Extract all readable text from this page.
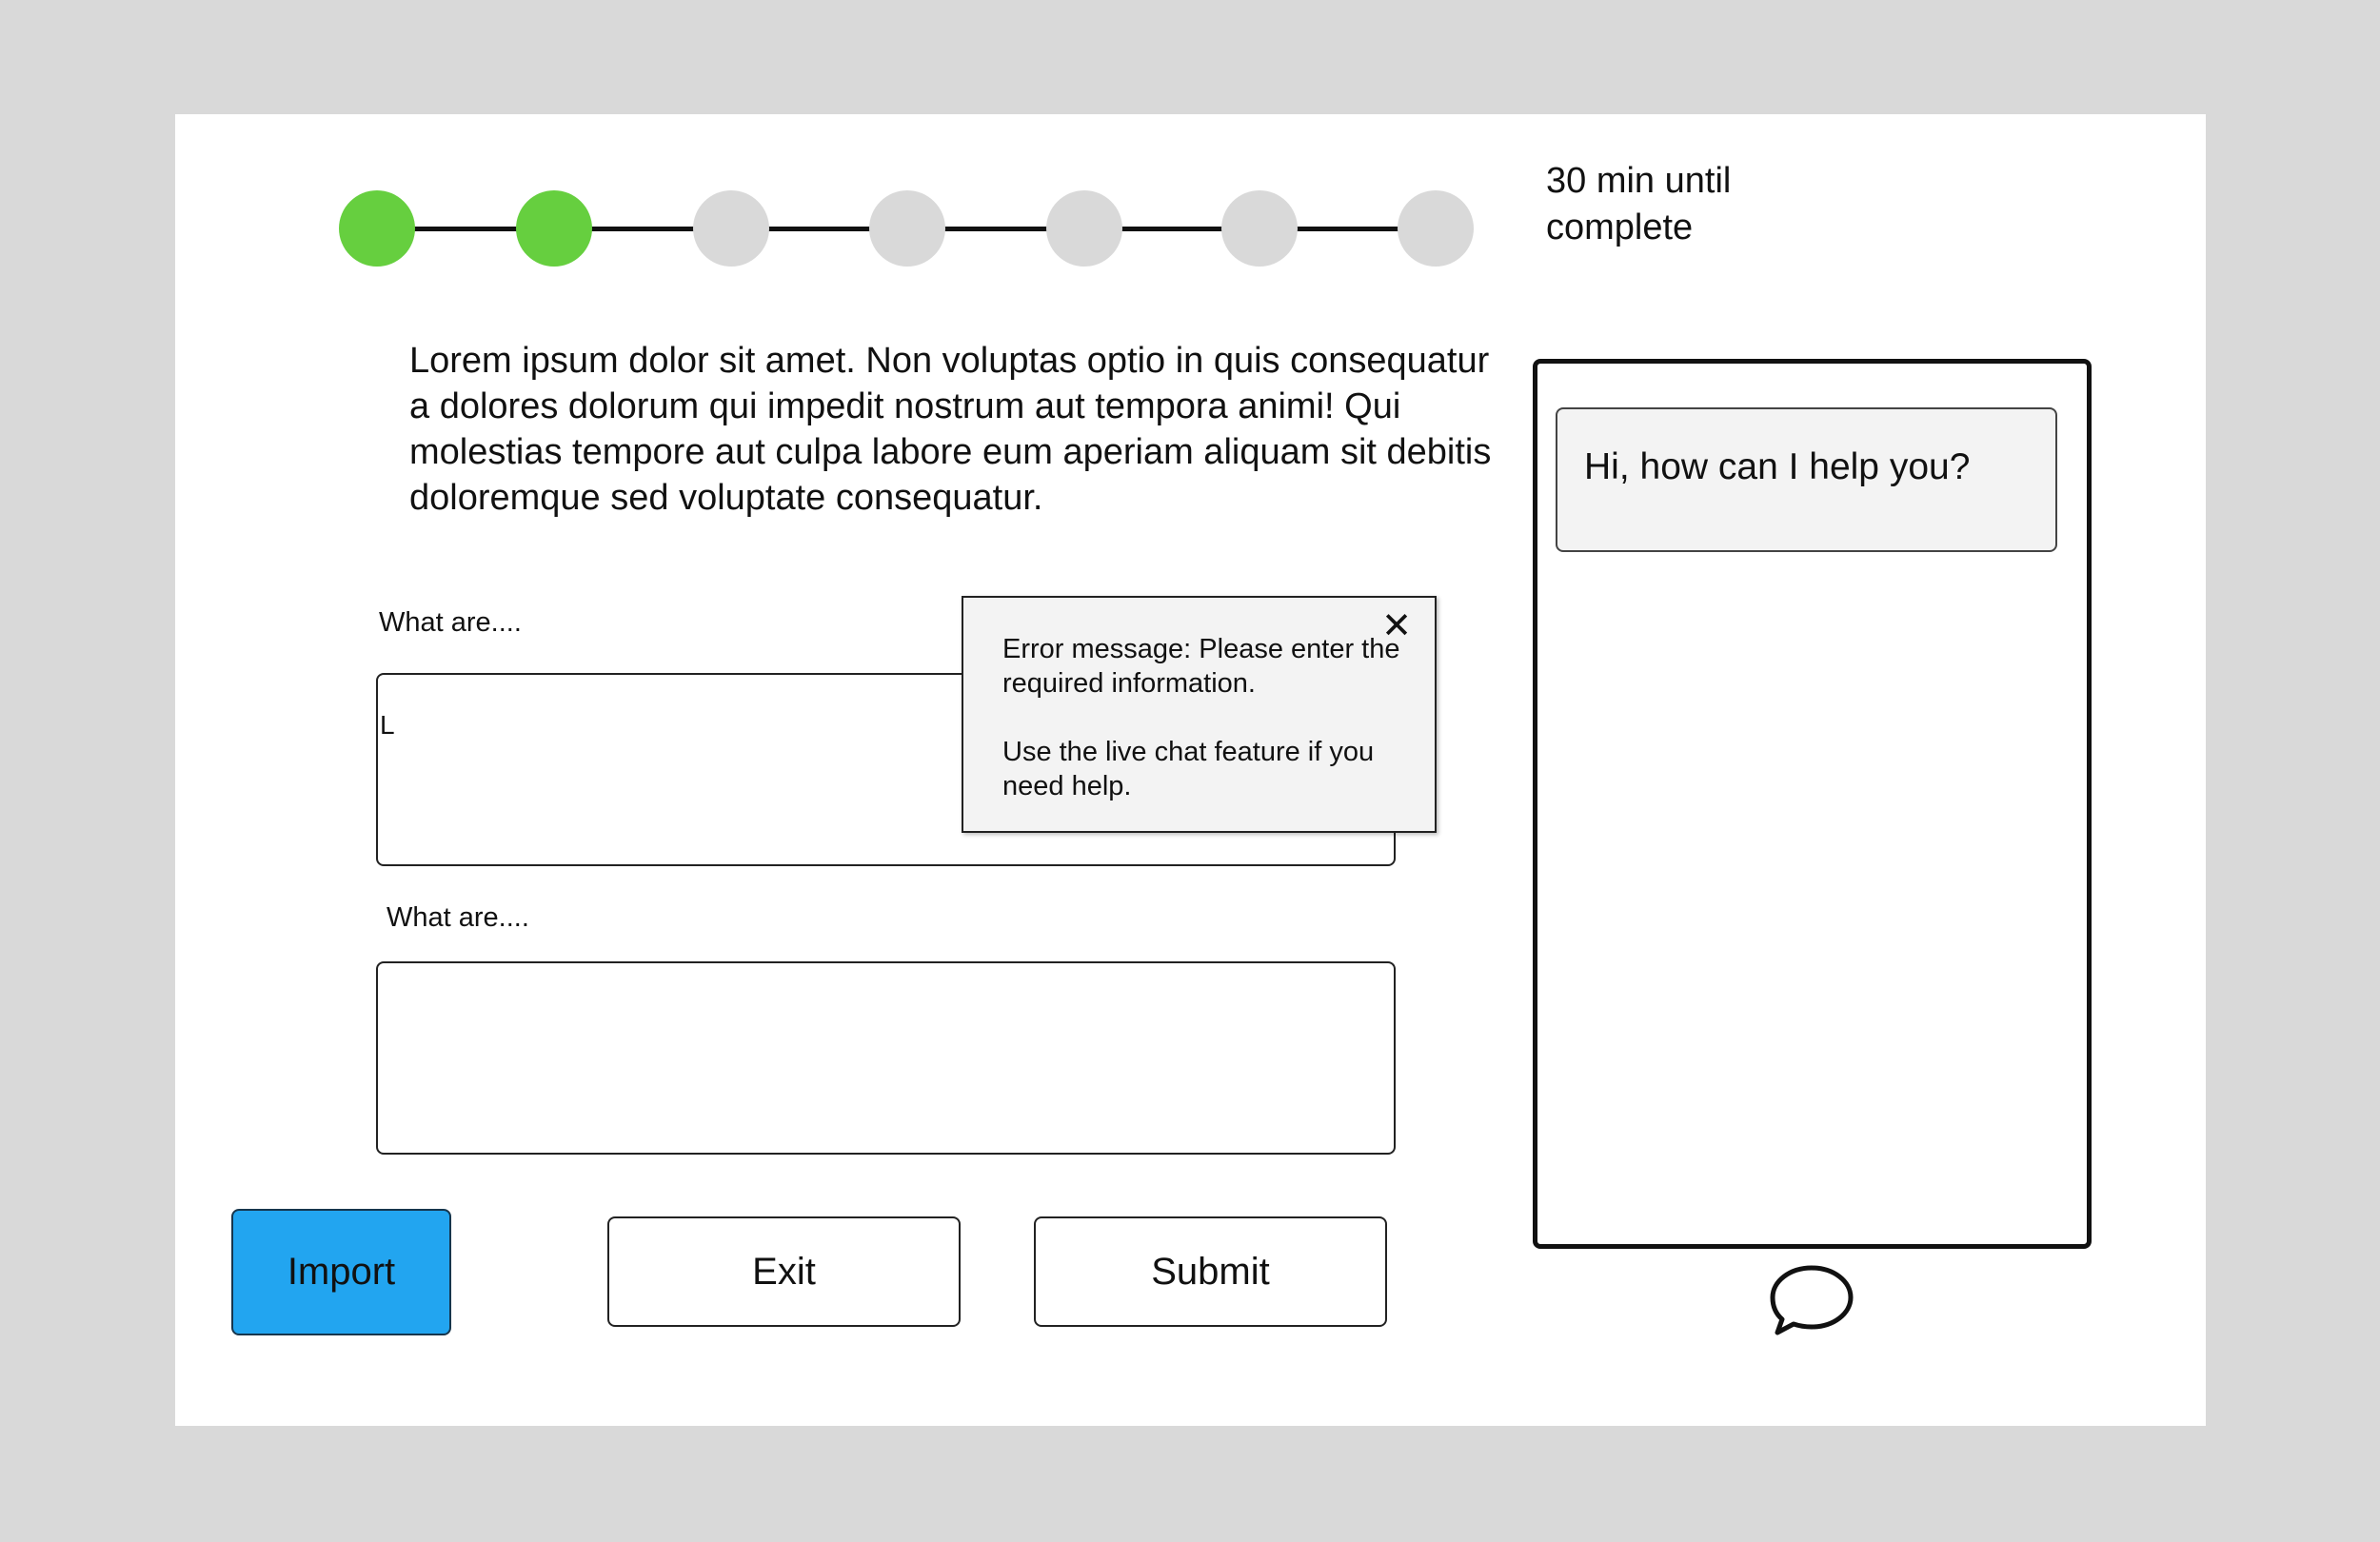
30 min until complete
Lorem ipsum dolor sit amet. Non voluptas optio in quis consequatur a dolores dolorum qui impedit nostrum aut tempora animi! Qui molestias tempore aut culpa labore eum aperiam aliquam sit debitis doloremque sed voluptate consequatur.
What are....
L
✕

Error message: Please enter the required information.

Use the live chat feature if you need help.

What are....
Import	Exit	Submit
Hi, how can I help you?
